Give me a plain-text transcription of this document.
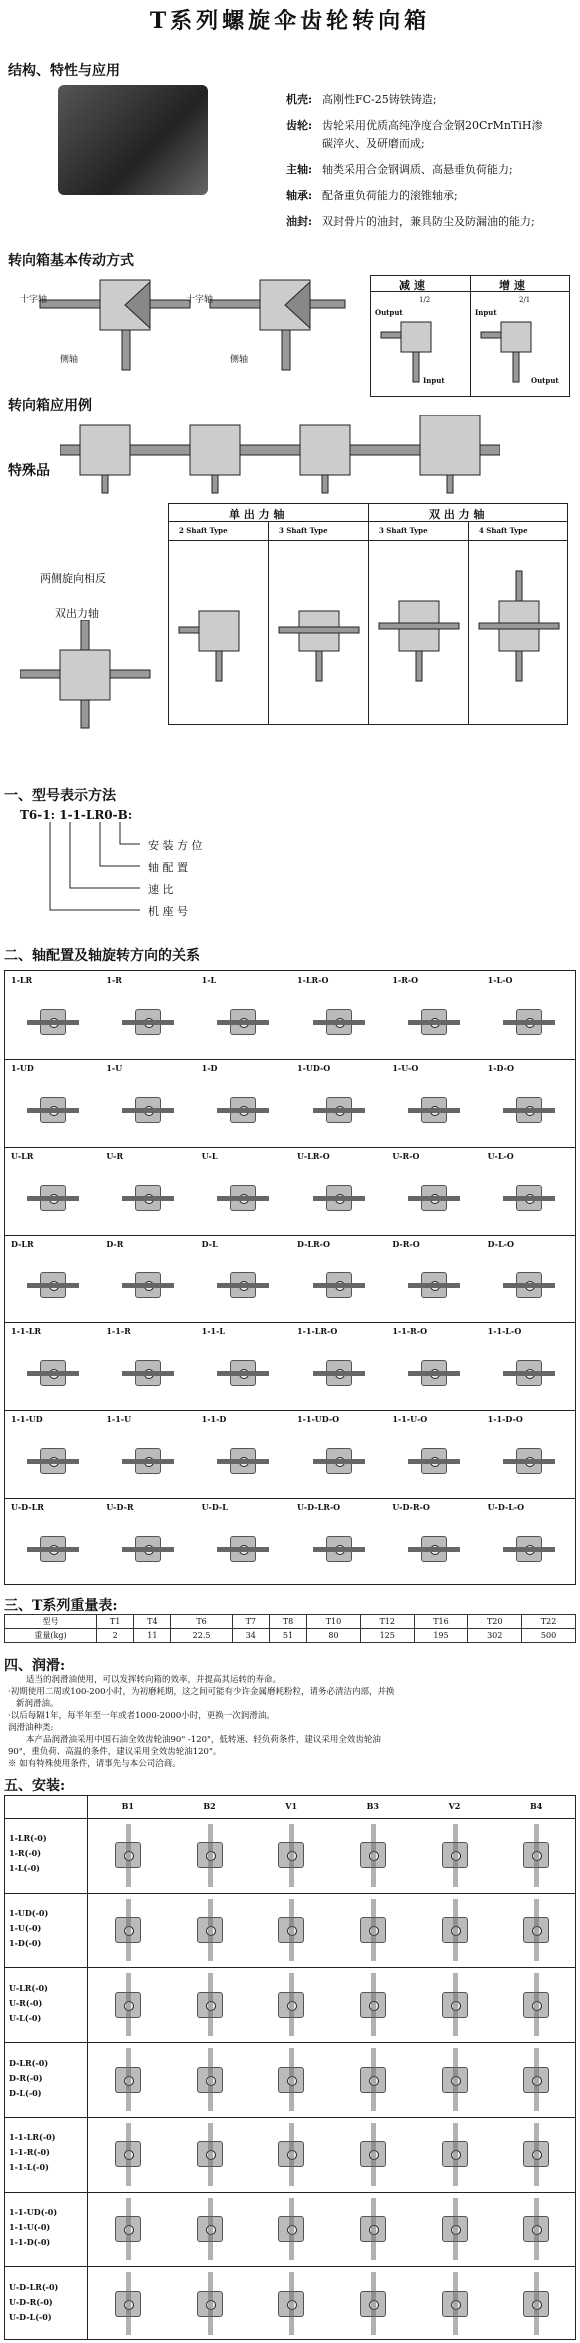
T系列螺旋伞齿轮转向箱
结构、特性与应用
机壳: 高刚性FC-25铸铁铸造;
齿轮: 齿轮采用优质高纯净度合金钢20CrMnTiH渗
碳淬火、及研磨而成;
主轴: 轴类采用合金钢调质、高悬垂负荷能力;
轴承: 配备重负荷能力的滚锥轴承;
油封: 双封骨片的油封，兼具防尘及防漏油的能力;
转向箱基本传动方式
十字轴
侧轴
十字轴
侧轴
减 速	增 速
1/2	2/1
Output
Input
Input
Output
转向箱应用例
特殊品
两侧旋向相反
双出力轴
单 出 力 轴	双 出 力 轴
2 Shaft Type	3 Shaft Type	3 Shaft Type	4 Shaft Type
一、型号表示方法
T6-1: 1-1-LR0-B:
安 装 方 位
轴 配 置
速 比
机 座 号
二、轴配置及轴旋转方向的关系
1-LR	1-R	1-L	1-LR-O	1-R-O	1-L-O
1-UD	1-U	1-D	1-UD-O	1-U-O	1-D-O
U-LR	U-R	U-L	U-LR-O	U-R-O	U-L-O
D-LR	D-R	D-L	D-LR-O	D-R-O	D-L-O
1-1-LR	1-1-R	1-1-L	1-1-LR-O	1-1-R-O	1-1-L-O
1-1-UD	1-1-U	1-1-D	1-1-UD-O	1-1-U-O	1-1-D-O
U-D-LR	U-D-R	U-D-L	U-D-LR-O	U-D-R-O	U-D-L-O
三、T系列重量表:
型号	T1	T4	T6	T7	T8	T10	T12	T16	T20	T22
重量(kg)	2	11	22.5	34	51	80	125	195	302	500
四、润滑:
适当的润滑油使用，可以发挥转向箱的效率，并提高其运转的寿命。
·初期使用二周或100-200小时，为初磨耗期，这之间可能有少许金属磨耗粉粒，请务必清洁内部，并换
新润滑油。
·以后每隔1年，每半年至一年或者1000-2000小时，更换一次润滑油。
润滑油种类:
本产品润滑油采用中国石油全效齿轮油90" -120"，低转速、轻负荷条件，建议采用全效齿轮油
90"，重负荷、高温的条件，建议采用全效齿轮油120"。
※ 如有特殊使用条件，请事先与本公司洽商。
五、安装:
B1	B2	V1	B3	V2	B4
1-LR(-0)
1-R(-0)
1-L(-0)
1-UD(-0)
1-U(-0)
1-D(-0)
U-LR(-0)
U-R(-0)
U-L(-0)
D-LR(-0)
D-R(-0)
D-L(-0)
1-1-LR(-0)
1-1-R(-0)
1-1-L(-0)
1-1-UD(-0)
1-1-U(-0)
1-1-D(-0)
U-D-LR(-0)
U-D-R(-0)
U-D-L(-0)
